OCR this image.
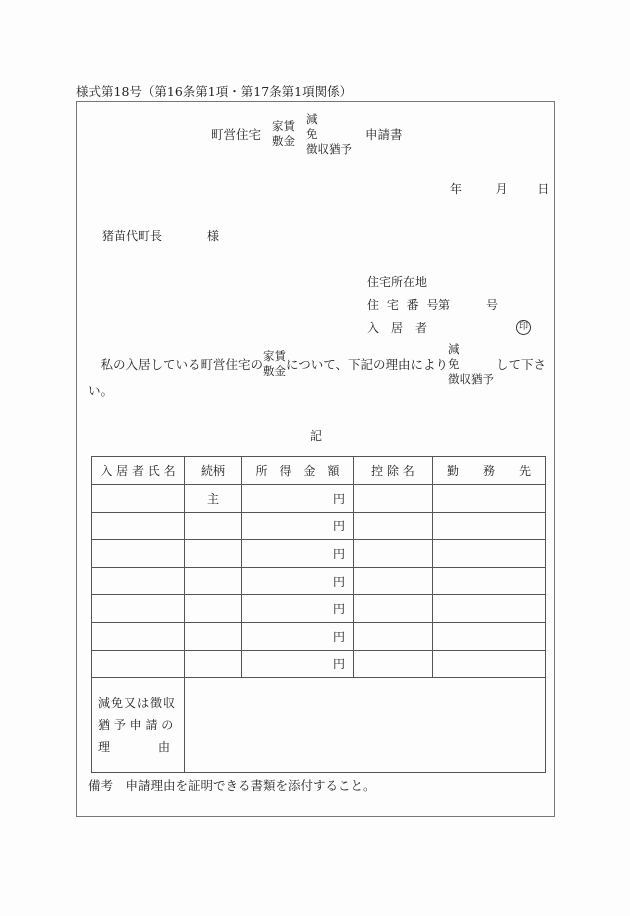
様式第18号（第16条第1項・第17条第1項関係）
町営住宅
家賃
敷金
減
免
徴収猶予
申請書
年	月 日
猪苗代町長	様
住宅所在地
住 宅 番 号
第	号
入　居　者	印
　私の入居している町営住宅の
家賃
敷金 について、下記の理由により
減
免
徴収猶予
して下さ
い。
記
入 居 者 氏 名	続柄	所　得　金　額	控 除 名	勤　　務　　先
	主	円		
		円		
		円		
		円		
		円		
		円		
		円		

減免又は徴収
猶 予 申 請 の
理　　　　由				

備考　申請理由を証明できる書類を添付すること。
